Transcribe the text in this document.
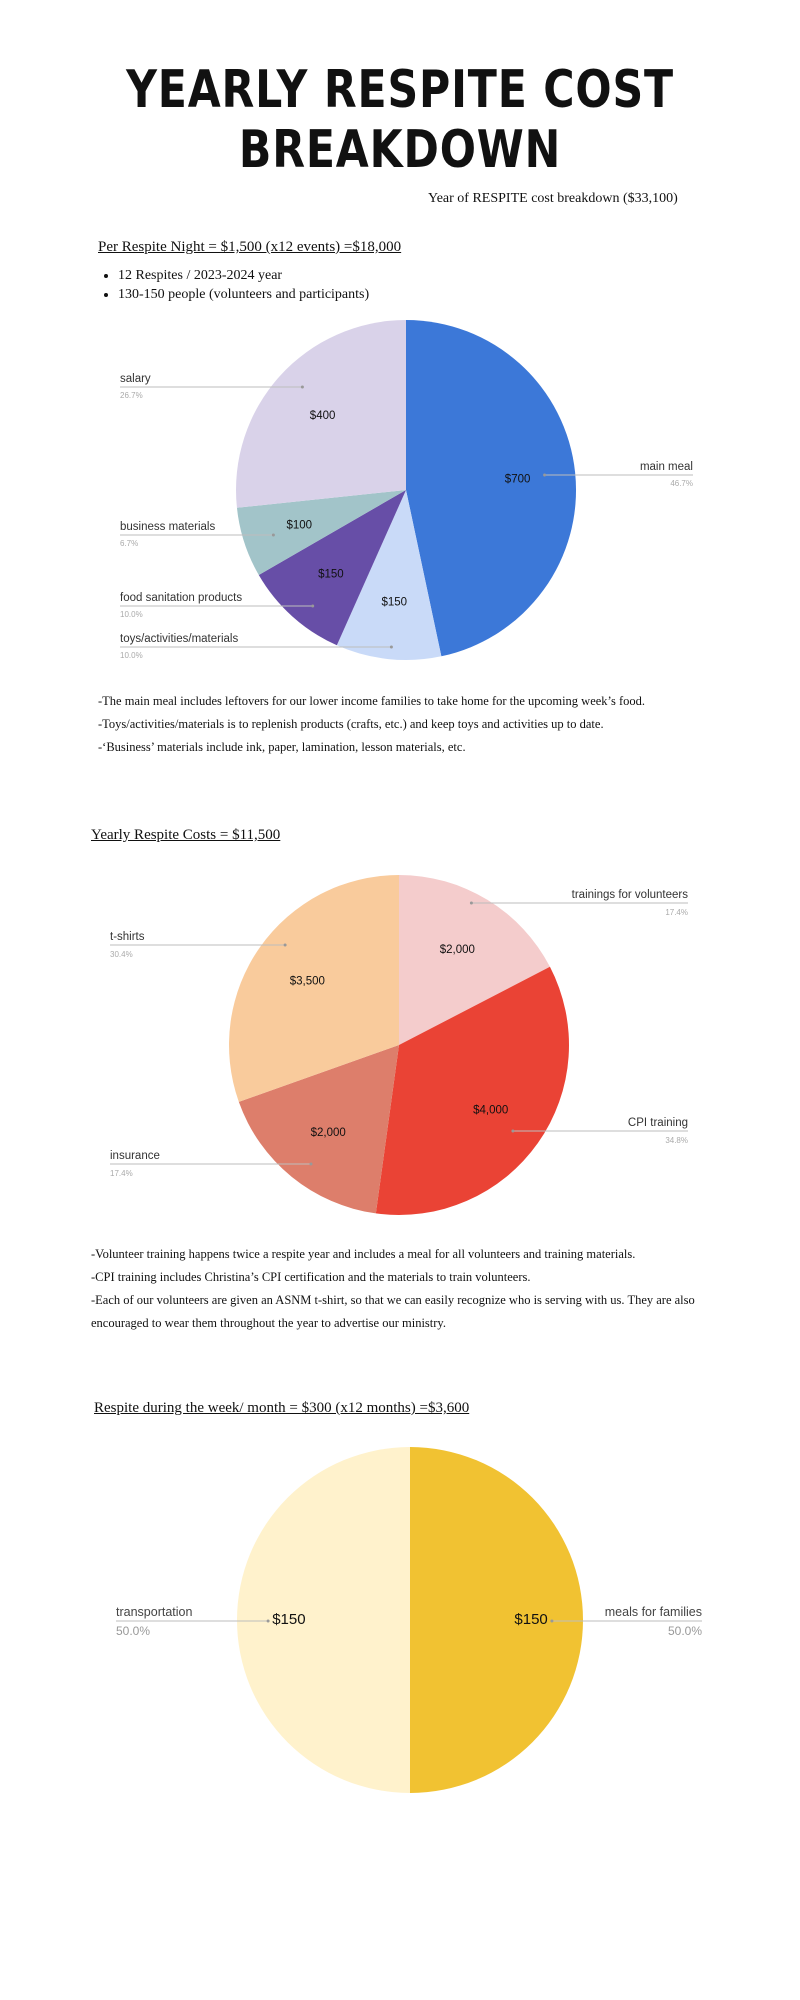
YEARLY RESPITE COST BREAKDOWN

Year of RESPITE cost breakdown ($33,100)

Per Respite Night = $1,500 (x12 events) =$18,000

• 12 Respites / 2023-2024 year
• 130-150 people (volunteers and participants)
$700
main meal
46.7%
$150
toys/activities/materials
10.0%
$150
food sanitation products
10.0%
$100
business materials
6.7%
$400
salary
26.7%

-The main meal includes leftovers for our lower income families to take home for the upcoming week’s food.

-Toys/activities/materials is to replenish products (crafts, etc.) and keep toys and activities up to date.

-‘Business’ materials include ink, paper, lamination, lesson materials, etc.

Yearly Respite Costs = $11,500

$2,000
trainings for volunteers
17.4%
$4,000
CPI training
34.8%
$2,000
insurance
17.4%
$3,500
t-shirts
30.4%

-Volunteer training happens twice a respite year and includes a meal for all volunteers and training materials.

-CPI training includes Christina’s CPI certification and the materials to train volunteers.

-Each of our volunteers are given an ASNM t-shirt, so that we can easily recognize who is serving with us. They are also encouraged to wear them throughout the year to advertise our ministry.

Respite during the week/ month = $300 (x12 months) =$3,600

$150	meals for families
50.0%
$150
transportation
50.0%
